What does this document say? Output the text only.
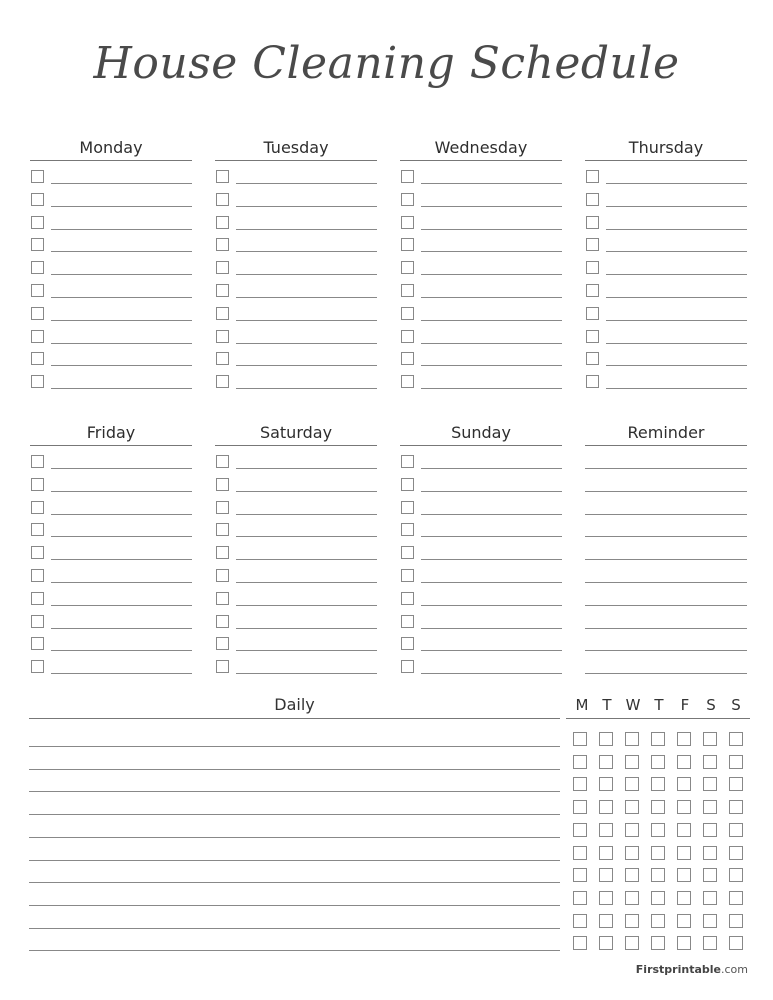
House Cleaning Schedule
Monday	Tuesday	Wednesday	Thursday
Friday	Saturday	Sunday	Reminder
Daily	M T W T	F	S	S
Firstprintable.com
